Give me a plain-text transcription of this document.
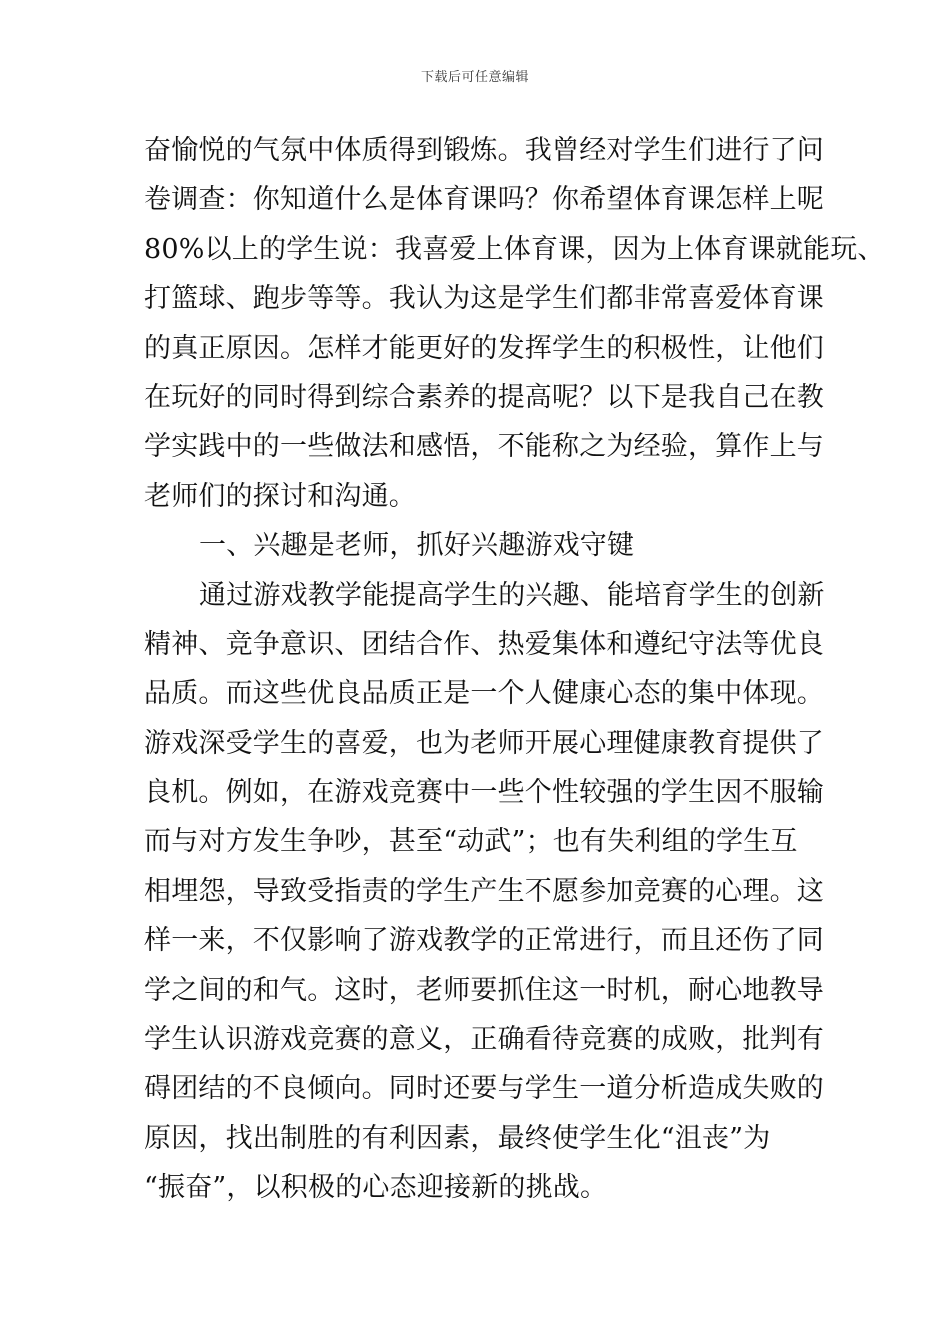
下载后可任意编辑
奋愉悦的气氛中体质得到锻炼。我曾经对学生们进行了问
卷调查：你知道什么是体育课吗？你希望体育课怎样上呢
80%以上的学生说：我喜爱上体育课，因为上体育课就能玩、
打篮球、跑步等等。我认为这是学生们都非常喜爱体育课
的真正原因。怎样才能更好的发挥学生的积极性，让他们
在玩好的同时得到综合素养的提高呢？以下是我自己在教
学实践中的一些做法和感悟，不能称之为经验，算作上与
老师们的探讨和沟通。
一、兴趣是老师，抓好兴趣游戏守键
通过游戏教学能提高学生的兴趣、能培育学生的创新
精神、竞争意识、团结合作、热爱集体和遵纪守法等优良
品质。而这些优良品质正是一个人健康心态的集中体现。
游戏深受学生的喜爱，也为老师开展心理健康教育提供了
良机。例如，在游戏竞赛中一些个性较强的学生因不服输
而与对方发生争吵，甚至“动武”；也有失利组的学生互
相埋怨，导致受指责的学生产生不愿参加竞赛的心理。这
样一来，不仅影响了游戏教学的正常进行，而且还伤了同
学之间的和气。这时，老师要抓住这一时机，耐心地教导
学生认识游戏竞赛的意义，正确看待竞赛的成败，批判有
碍团结的不良倾向。同时还要与学生一道分析造成失败的
原因，找出制胜的有利因素，最终使学生化“沮丧”为
“振奋”，以积极的心态迎接新的挑战。
